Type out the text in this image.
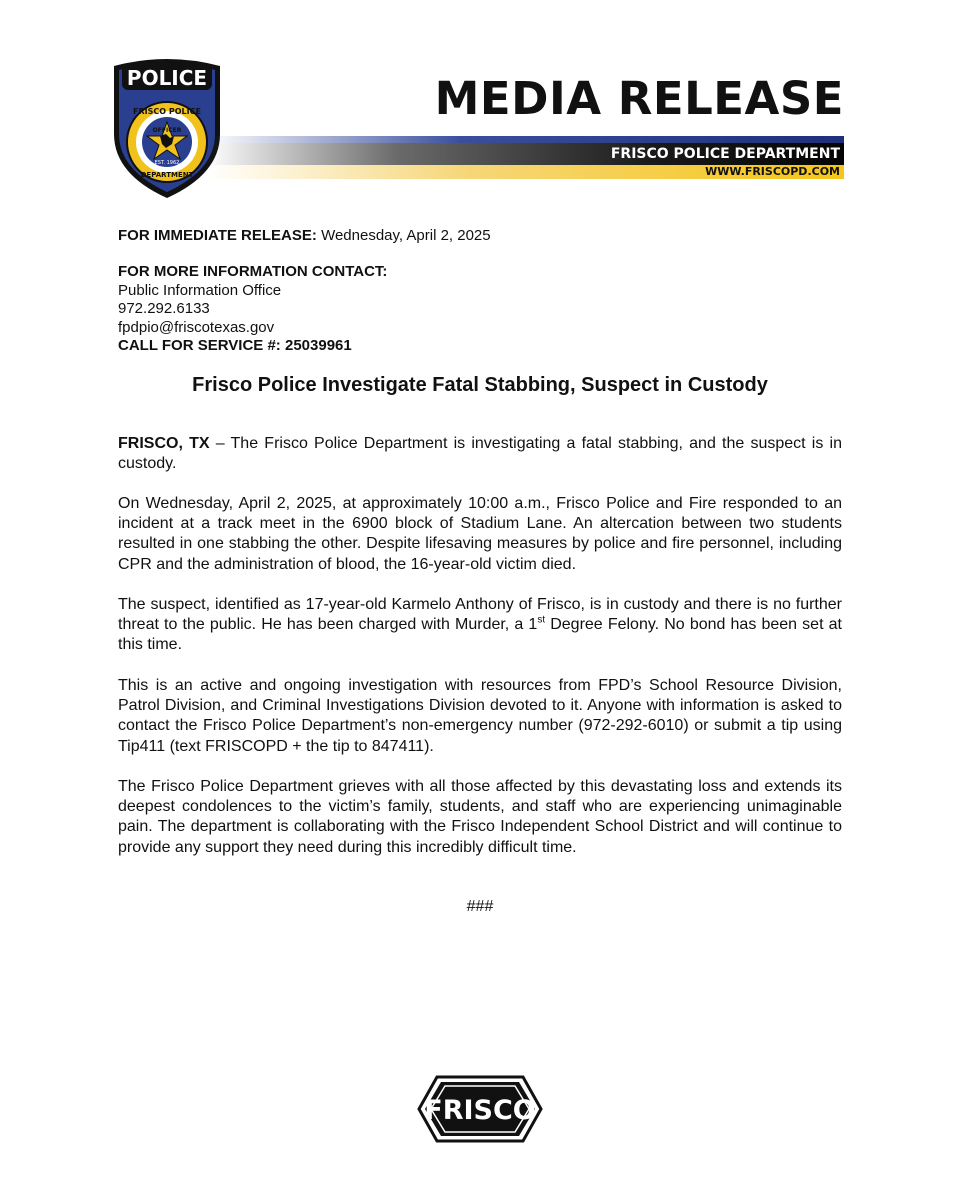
POLICE
FRISCO POLICE
OFFICER
EST. 1962
DEPARTMENT
MEDIA RELEASE
FRISCO POLICE DEPARTMENT
WWW.FRISCOPD.COM
FOR IMMEDIATE RELEASE: Wednesday, April 2, 2025
FOR MORE INFORMATION CONTACT:
Public Information Office
972.292.6133
fpdpio@friscotexas.gov
CALL FOR SERVICE #: 25039961
Frisco Police Investigate Fatal Stabbing, Suspect in Custody

FRISCO, TX – The Frisco Police Department is investigating a fatal stabbing, and the suspect is in custody.

On Wednesday, April 2, 2025, at approximately 10:00 a.m., Frisco Police and Fire responded to an incident at a track meet in the 6900 block of Stadium Lane. An altercation between two students resulted in one stabbing the other. Despite lifesaving measures by police and fire personnel, including CPR and the administration of blood, the 16-year-old victim died.

The suspect, identified as 17-year-old Karmelo Anthony of Frisco, is in custody and there is no further threat to the public. He has been charged with Murder, a 1st Degree Felony. No bond has been set at this time.

This is an active and ongoing investigation with resources from FPD’s School Resource Division, Patrol Division, and Criminal Investigations Division devoted to it. Anyone with information is asked to contact the Frisco Police Department’s non-emergency number (972-292-6010) or submit a tip using Tip411 (text FRISCOPD + the tip to 847411).

The Frisco Police Department grieves with all those affected by this devastating loss and extends its deepest condolences to the victim’s family, students, and staff who are experiencing unimaginable pain. The department is collaborating with the Frisco Independent School District and will continue to provide any support they need during this incredibly difficult time.

###
FRISCO
